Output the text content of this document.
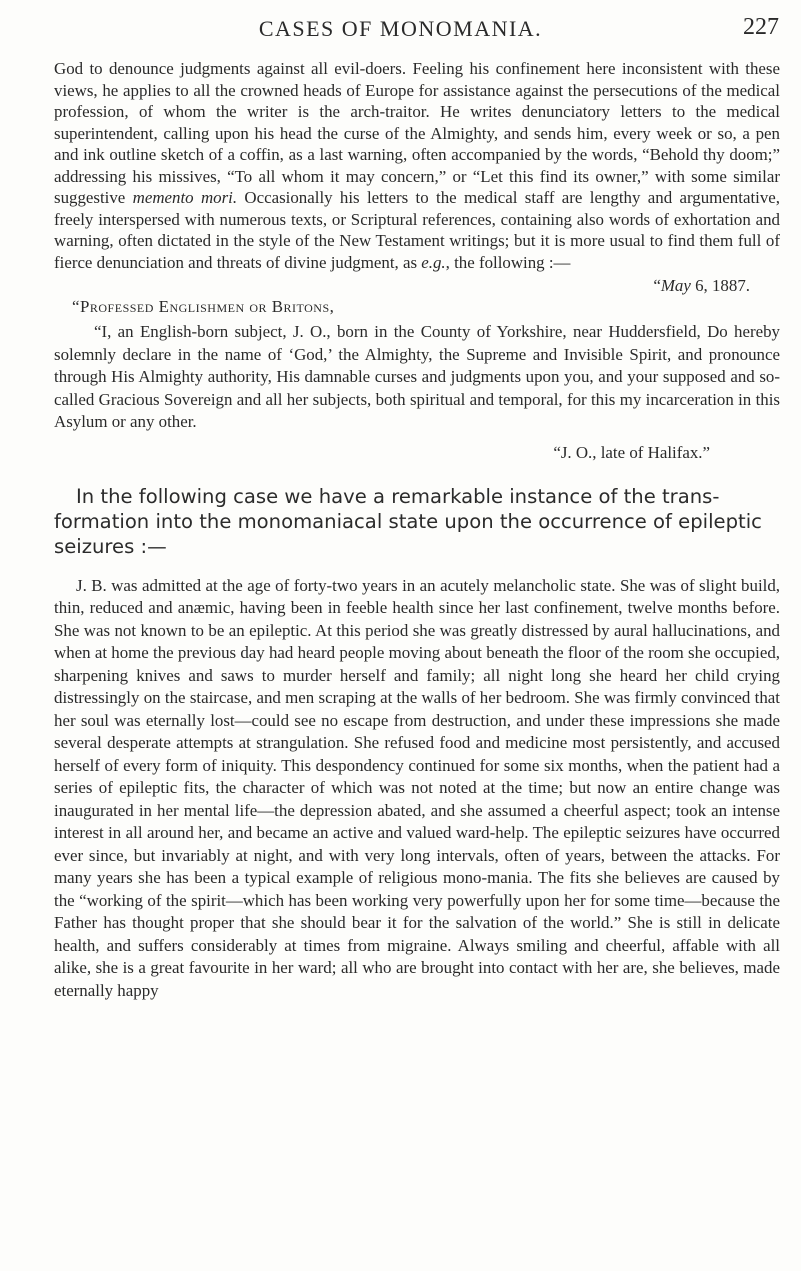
CASES OF MONOMANIA.	227

God to denounce judgments against all evil-doers. Feeling his confinement here inconsistent with these views, he applies to all the crowned heads of Europe for assistance against the persecutions of the medical profession, of whom the writer is the arch-traitor. He writes denunciatory letters to the medical superintendent, calling upon his head the curse of the Almighty, and sends him, every week or so, a pen and ink outline sketch of a coffin, as a last warning, often accompanied by the words, “Behold thy doom;” addressing his missives, “To all whom it may concern,” or “Let this find its owner,” with some similar suggestive memento mori. Occasionally his letters to the medical staff are lengthy and argumentative, freely interspersed with numerous texts, or Scriptural references, containing also words of exhortation and warning, often dictated in the style of the New Testament writings; but it is more usual to find them full of fierce denunciation and threats of divine judgment, as e.g., the following :—

“May 6, 1887.

“Professed Englishmen or Britons,

“I, an English-born subject, J. O., born in the County of Yorkshire, near Huddersfield, Do hereby solemnly declare in the name of ‘God,’ the Almighty, the Supreme and Invisible Spirit, and pronounce through His Almighty authority, His damnable curses and judgments upon you, and your supposed and so-called Gracious Sovereign and all her subjects, both spiritual and temporal, for this my incarceration in this Asylum or any other.

“J. O., late of Halifax.”

In the following case we have a remarkable instance of the trans-formation into the monomaniacal state upon the occurrence of epileptic seizures :—

J. B. was admitted at the age of forty-two years in an acutely melancholic state. She was of slight build, thin, reduced and anæmic, having been in feeble health since her last confinement, twelve months before. She was not known to be an epileptic. At this period she was greatly distressed by aural hallucinations, and when at home the previous day had heard people moving about beneath the floor of the room she occupied, sharpening knives and saws to murder herself and family; all night long she heard her child crying distressingly on the staircase, and men scraping at the walls of her bedroom. She was firmly convinced that her soul was eternally lost—could see no escape from destruction, and under these impressions she made several desperate attempts at strangulation. She refused food and medicine most persistently, and accused herself of every form of iniquity. This despondency continued for some six months, when the patient had a series of epileptic fits, the character of which was not noted at the time; but now an entire change was inaugurated in her mental life—the depression abated, and she assumed a cheerful aspect; took an intense interest in all around her, and became an active and valued ward-help. The epileptic seizures have occurred ever since, but invariably at night, and with very long intervals, often of years, between the attacks. For many years she has been a typical example of religious mono-mania. The fits she believes are caused by the “working of the spirit—which has been working very powerfully upon her for some time—because the Father has thought proper that she should bear it for the salvation of the world.” She is still in delicate health, and suffers considerably at times from migraine. Always smiling and cheerful, affable with all alike, she is a great favourite in her ward; all who are brought into contact with her are, she believes, made eternally happy
